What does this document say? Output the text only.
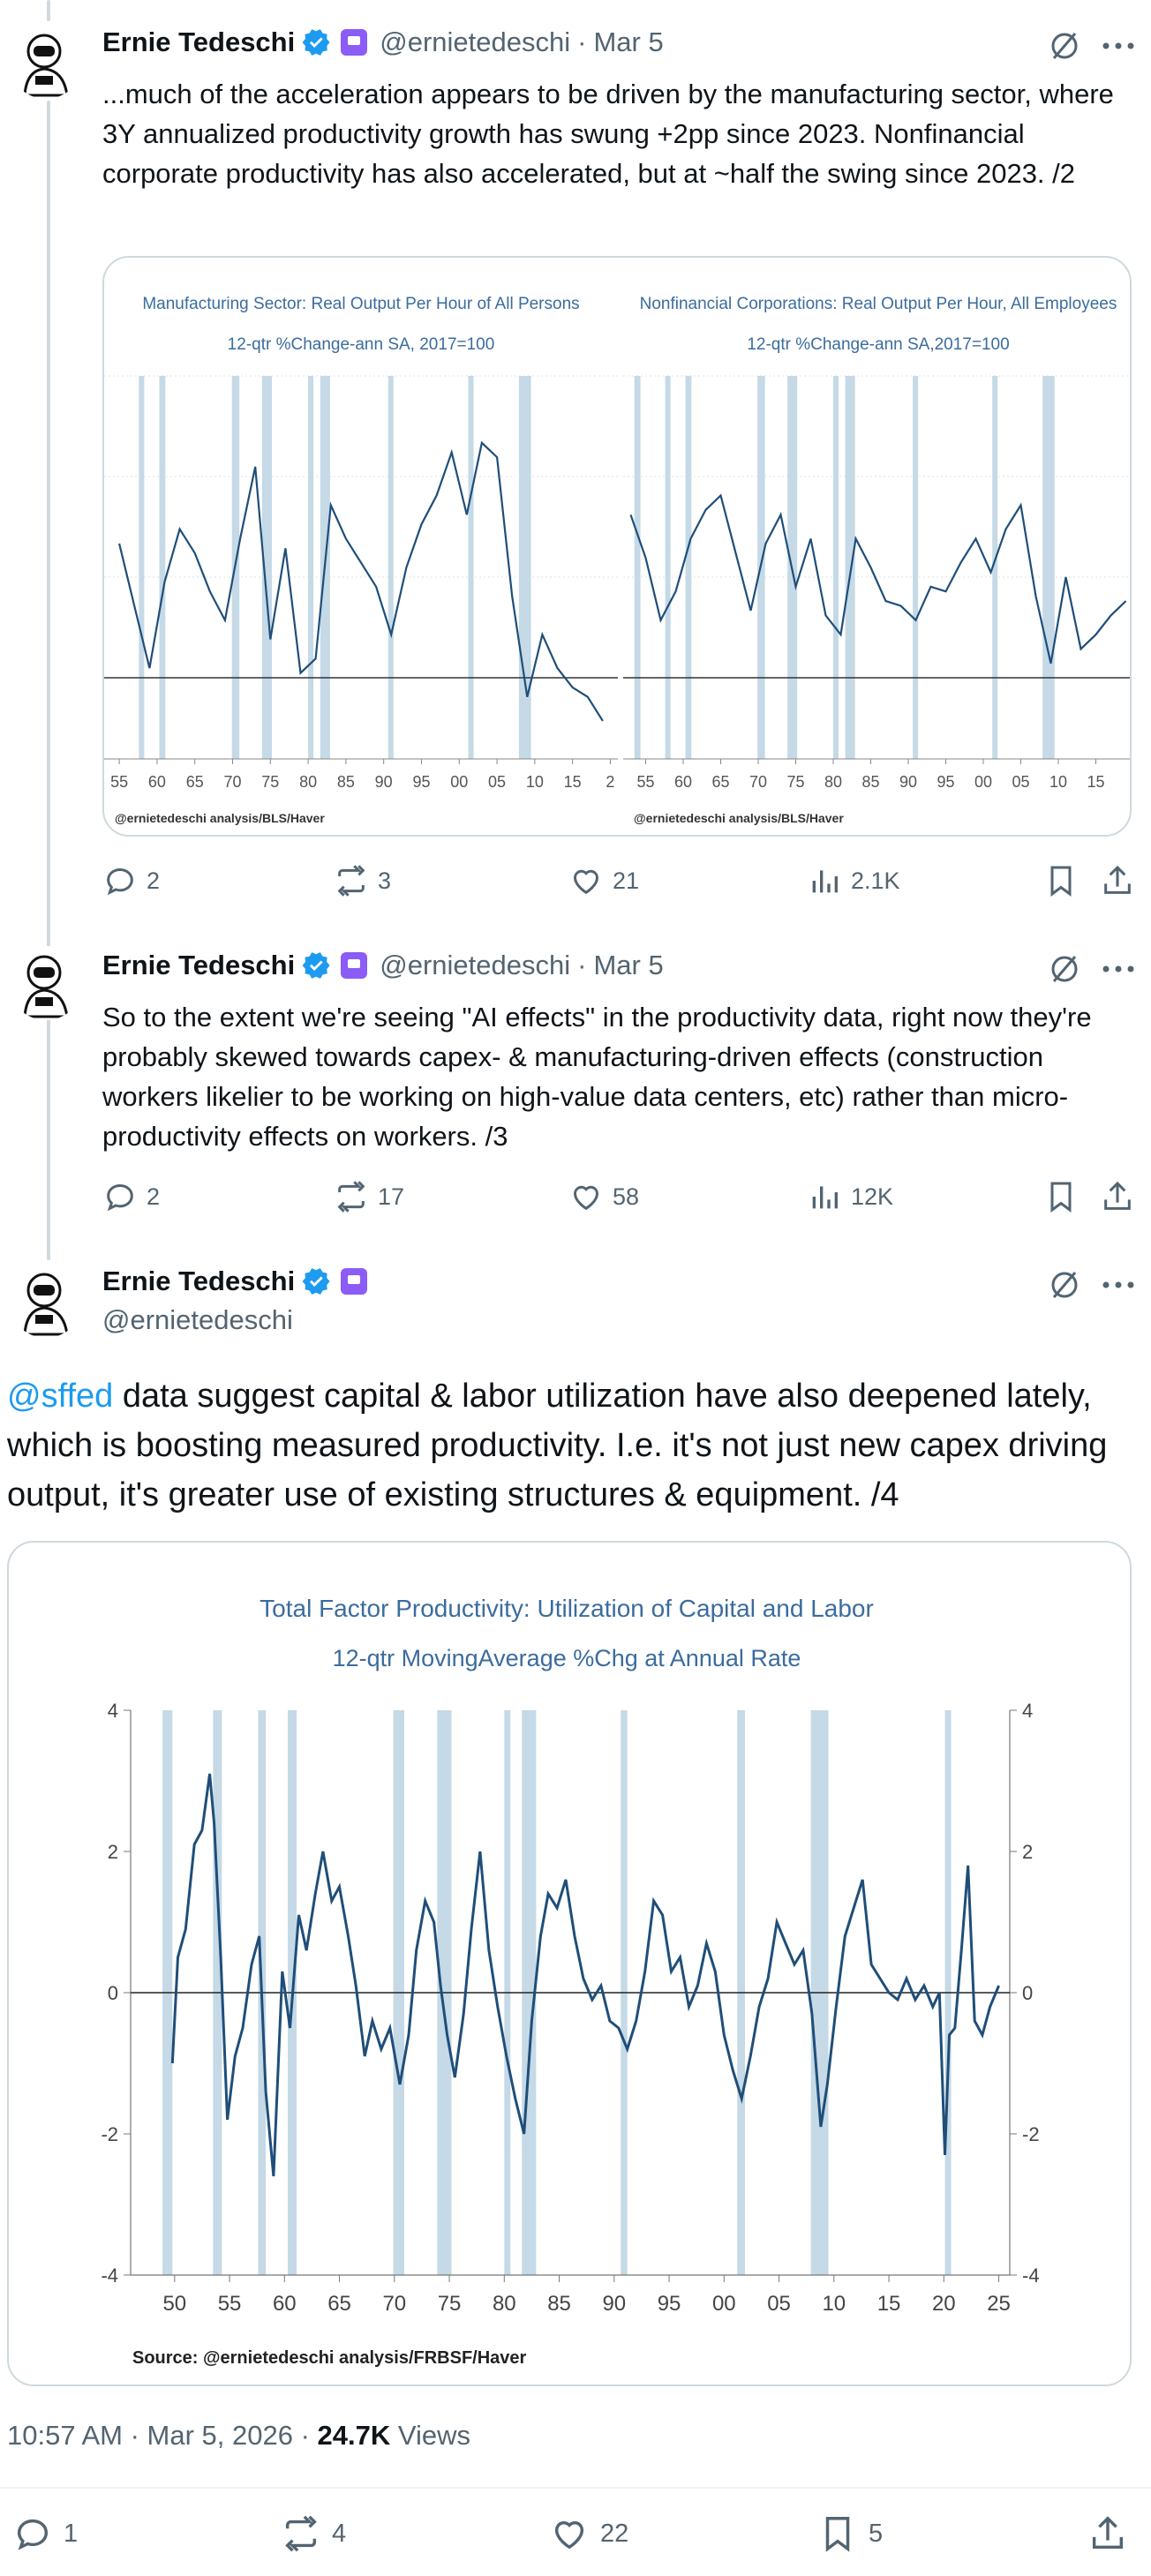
Ernie Tedeschi	@ernietedeschi · Mar 5
...much of the acceleration appears to be driven by the manufacturing sector, where 3Y annualized productivity growth has swung +2pp since 2023. Nonfinancial corporate productivity has also accelerated, but at ~half the swing since 2023. /2
Manufacturing Sector: Real Output Per Hour of All Persons
12-qtr %Change-ann SA, 2017=100
55 60 65 70 75 80 85 90 95 00 05 10 15 2
@ernietedeschi analysis/BLS/Haver
Nonfinancial Corporations: Real Output Per Hour, All Employees
12-qtr %Change-ann SA,2017=100
55 60 65 70 75 80 85 90 95 00 05 10 15
@ernietedeschi analysis/BLS/Haver
2	3	21	2.1K
Ernie Tedeschi	@ernietedeschi · Mar 5
So to the extent we're seeing "AI effects" in the productivity data, right now they're probably skewed towards capex- & manufacturing-driven effects (construction workers likelier to be working on high-value data centers, etc) rather than micro-productivity effects on workers. /3
2	17	58	12K
Ernie Tedeschi
@ernietedeschi
@sffed data suggest capital & labor utilization have also deepened lately, which is boosting measured productivity. I.e. it's not just new capex driving output, it's greater use of existing structures & equipment. /4
Total Factor Productivity: Utilization of Capital and Labor
12-qtr MovingAverage %Chg at Annual Rate
4	4
2	2
0	0
-2	-2
-4	-4
50 55 60 65 70 75 80 85 90 95 00 05 10 15 20 25
Source: @ernietedeschi analysis/FRBSF/Haver
10:57 AM · Mar 5, 2026 · 24.7K Views
1	4	22	5
